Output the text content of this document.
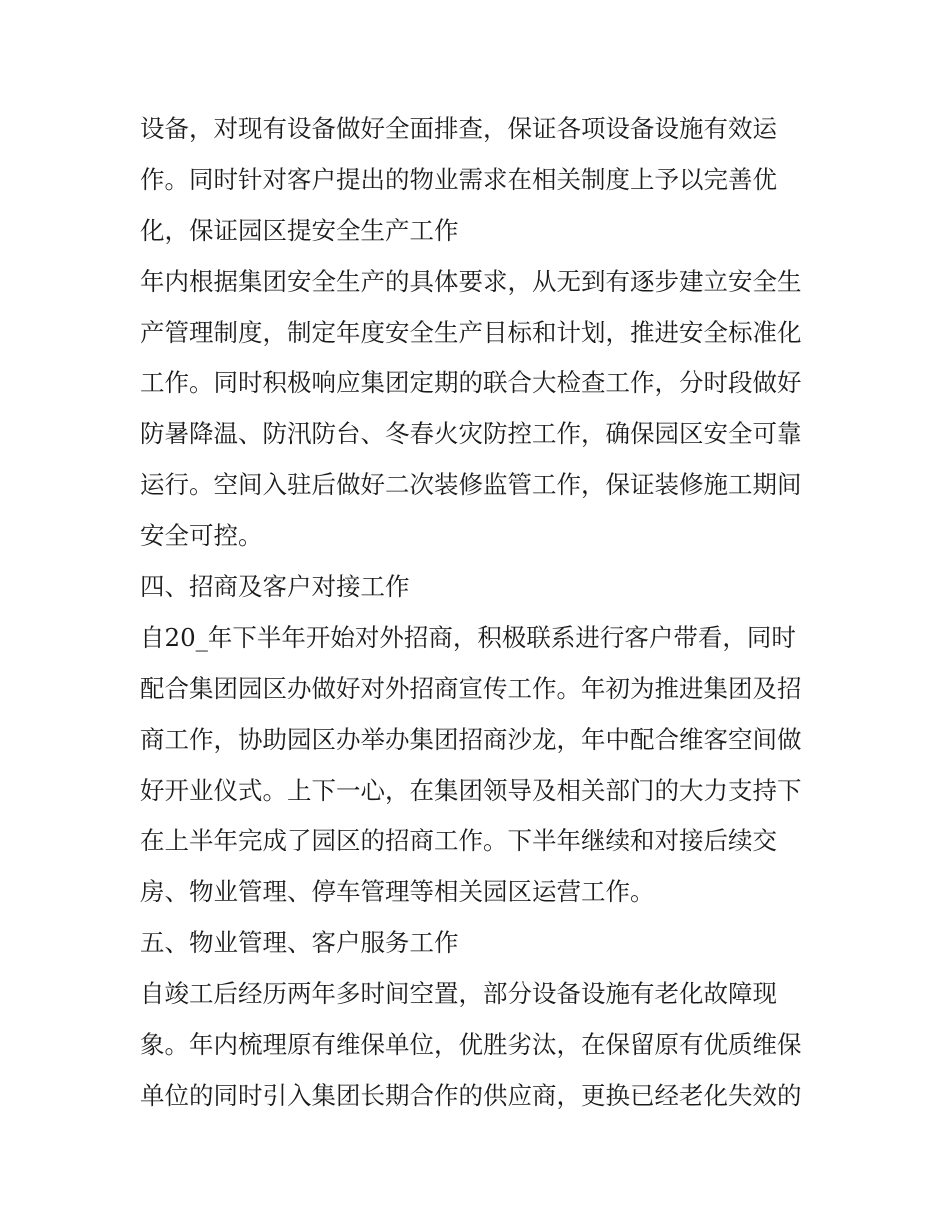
设备，对现有设备做好全面排查，保证各项设备设施有效运
作。同时针对客户提出的物业需求在相关制度上予以完善优
化，保证园区提安全生产工作
年内根据集团安全生产的具体要求，从无到有逐步建立安全生
产管理制度，制定年度安全生产目标和计划，推进安全标准化
工作。同时积极响应集团定期的联合大检查工作，分时段做好
防暑降温、防汛防台、冬春火灾防控工作，确保园区安全可靠
运行。空间入驻后做好二次装修监管工作，保证装修施工期间
安全可控。
四、招商及客户对接工作
自20_年下半年开始对外招商，积极联系进行客户带看，同时
配合集团园区办做好对外招商宣传工作。年初为推进集团及招
商工作，协助园区办举办集团招商沙龙，年中配合维客空间做
好开业仪式。上下一心，在集团领导及相关部门的大力支持下
在上半年完成了园区的招商工作。下半年继续和对接后续交
房、物业管理、停车管理等相关园区运营工作。
五、物业管理、客户服务工作
自竣工后经历两年多时间空置，部分设备设施有老化故障现
象。年内梳理原有维保单位，优胜劣汰，在保留原有优质维保
单位的同时引入集团长期合作的供应商，更换已经老化失效的
